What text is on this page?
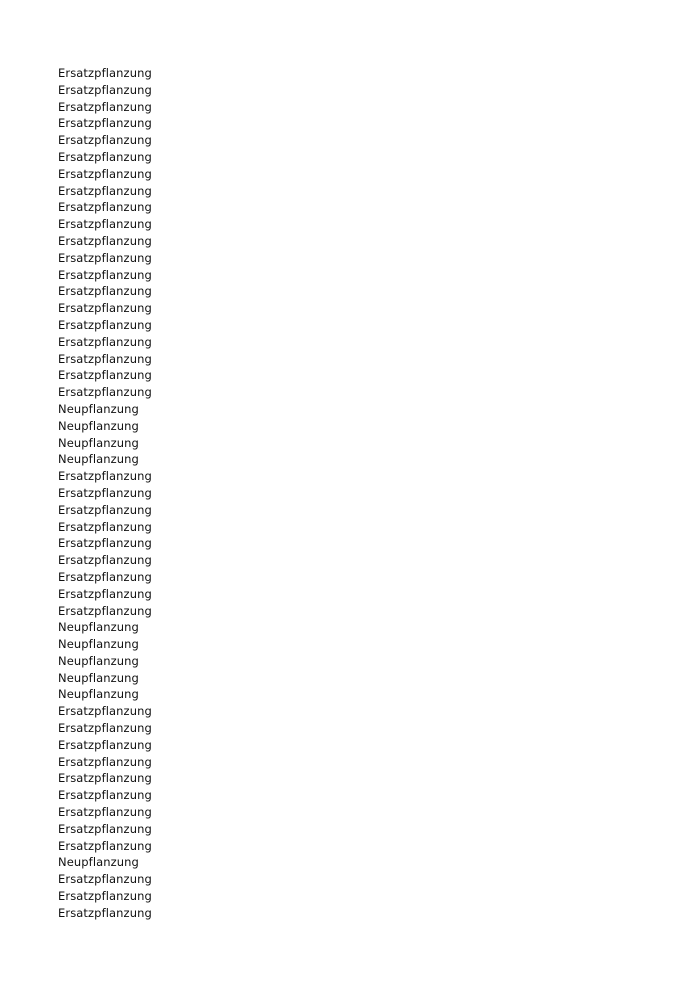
Ersatzpflanzung
Ersatzpflanzung
Ersatzpflanzung
Ersatzpflanzung
Ersatzpflanzung
Ersatzpflanzung
Ersatzpflanzung
Ersatzpflanzung
Ersatzpflanzung
Ersatzpflanzung
Ersatzpflanzung
Ersatzpflanzung
Ersatzpflanzung
Ersatzpflanzung
Ersatzpflanzung
Ersatzpflanzung
Ersatzpflanzung
Ersatzpflanzung
Ersatzpflanzung
Ersatzpflanzung
Neupflanzung
Neupflanzung
Neupflanzung
Neupflanzung
Ersatzpflanzung
Ersatzpflanzung
Ersatzpflanzung
Ersatzpflanzung
Ersatzpflanzung
Ersatzpflanzung
Ersatzpflanzung
Ersatzpflanzung
Ersatzpflanzung
Neupflanzung
Neupflanzung
Neupflanzung
Neupflanzung
Neupflanzung
Ersatzpflanzung
Ersatzpflanzung
Ersatzpflanzung
Ersatzpflanzung
Ersatzpflanzung
Ersatzpflanzung
Ersatzpflanzung
Ersatzpflanzung
Ersatzpflanzung
Neupflanzung
Ersatzpflanzung
Ersatzpflanzung
Ersatzpflanzung
